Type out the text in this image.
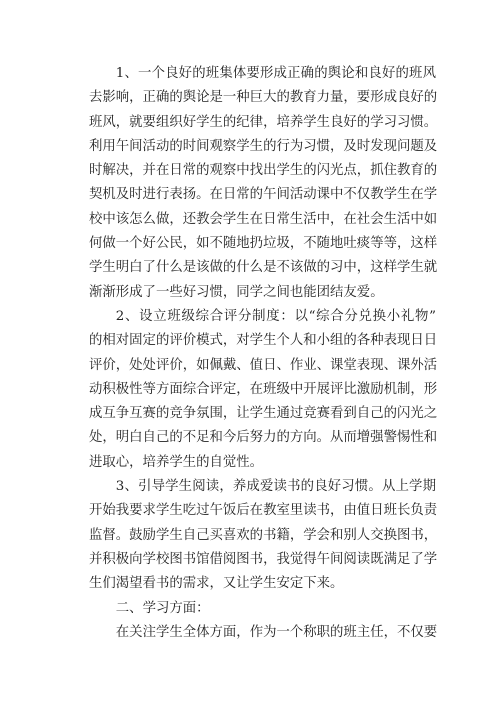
1、一个良好的班集体要形成正确的舆论和良好的班风
去影响，正确的舆论是一种巨大的教育力量，要形成良好的
班风，就要组织好学生的纪律，培养学生良好的学习习惯。
利用午间活动的时间观察学生的行为习惯，及时发现问题及
时解决，并在日常的观察中找出学生的闪光点，抓住教育的
契机及时进行表扬。在日常的午间活动课中不仅教学生在学
校中该怎么做，还教会学生在日常生活中，在社会生活中如
何做一个好公民，如不随地扔垃圾，不随地吐痰等等，这样
学生明白了什么是该做的什么是不该做的习中，这样学生就
渐渐形成了一些好习惯，同学之间也能团结友爱。
2、设立班级综合评分制度：以“综合分兑换小礼物”
的相对固定的评价模式，对学生个人和小组的各种表现日日
评价，处处评价，如佩戴、值日、作业、课堂表现、课外活
动积极性等方面综合评定，在班级中开展评比激励机制，形
成互争互赛的竞争氛围，让学生通过竞赛看到自己的闪光之
处，明白自己的不足和今后努力的方向。从而增强警惕性和
进取心，培养学生的自觉性。
3、引导学生阅读，养成爱读书的良好习惯。从上学期
开始我要求学生吃过午饭后在教室里读书，由值日班长负责
监督。鼓励学生自己买喜欢的书籍，学会和别人交换图书，
并积极向学校图书馆借阅图书，我觉得午间阅读既满足了学
生们渴望看书的需求，又让学生安定下来。
二、学习方面：
在关注学生全体方面，作为一个称职的班主任，不仅要
